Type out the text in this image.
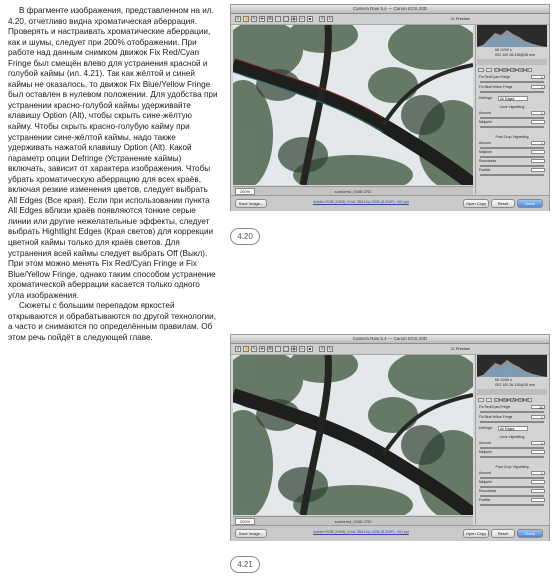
В фрагменте изображения, представленном на ил. 4.20, отчетливо видна хроматическая аберрация. Проверять и настраивать хроматические аберрации, как и шумы, следует при 200% отображении. При работе над данным снимком движок Fix Red/Cyan Fringe был смещён влево для устранения красной и голубой каймы (ил. 4.21). Так как жёлтой и синей каймы не оказалось, то движок Fix Blue/Yellow Fringe был оставлен в нулевом положении. Для удобства при устранении красно-голубой каймы удерживайте клавишу Option (Alt), чтобы скрыть сине-жёлтую кайму. Чтобы скрыть красно-голубую кайму при устранении сине-жёлтой каймы, надо также удерживать нажатой клавишу Option (Alt). Какой параметр опции Defringe (Устранение каймы) включать, зависит от характера изображения. Чтобы убрать хроматическую аберрацию для всех краёв, включая резкие изменения цветов, следует выбрать All Edges (Все края). Если при использовании пункта All Edges вблизи краёв появляются тонкие серые линии или другие нежелательные эффекты, следует выбрать Hightlight Edges (Края светов) для коррекции цветной каймы только для краёв светов. Для устранения всей каймы следует выбрать Off (Выкл). При этом можно менять Fix Red/Cyan Fringe и Fix Blue/Yellow Fringe, однако таким способом устранение хроматической аберрации касается только одного угла изображения.

Сюжеты с большим перепадом яркостей открываются и обрабатываются по другой технологии, а часто и снимаются по определённым правилам. Об этом речь пойдёт в следующей главе.

Camera Raw 5.4 — Canon EOS 20D
⚲	✋ ✎	✚	⌘	∕	◯ ◉	✏	■	↺	↻	☑ Preview
200%	sunforest_0456.CR2
f/8 1/200 s
ISO 100 28-135@28 mm
Chromatic Aberration
Fix Red/Cyan Fringe	0
Fix Blue/Yellow Fringe	0
Defringe:	All Edges
Lens Vignetting
Amount	0
Midpoint
Post Crop Vignetting
Amount	0
Midpoint
Roundness
Feather
Save Image...	Adobe RGB (1998); 8 bit; 3504 by 2336 (8.2MP); 240 ppi	Open Copy	Reset	Done
4.20
Camera Raw 5.4 — Canon EOS 20D
⚲	✋ ✎	✚	⌘	∕	◯ ◉	✏	■	↺	↻	☑ Preview
200%	sunforest_0456.CR2
f/8 1/200 s
ISO 100 28-135@28 mm
Chromatic Aberration
Fix Red/Cyan Fringe	-38
Fix Blue/Yellow Fringe	0
Defringe:	All Edges
Lens Vignetting
Amount	0
Midpoint
Post Crop Vignetting
Amount	0
Midpoint
Roundness
Feather
Save Image...	Adobe RGB (1998); 8 bit; 3504 by 2336 (8.2MP); 240 ppi	Open Copy	Reset	Done
4.21
